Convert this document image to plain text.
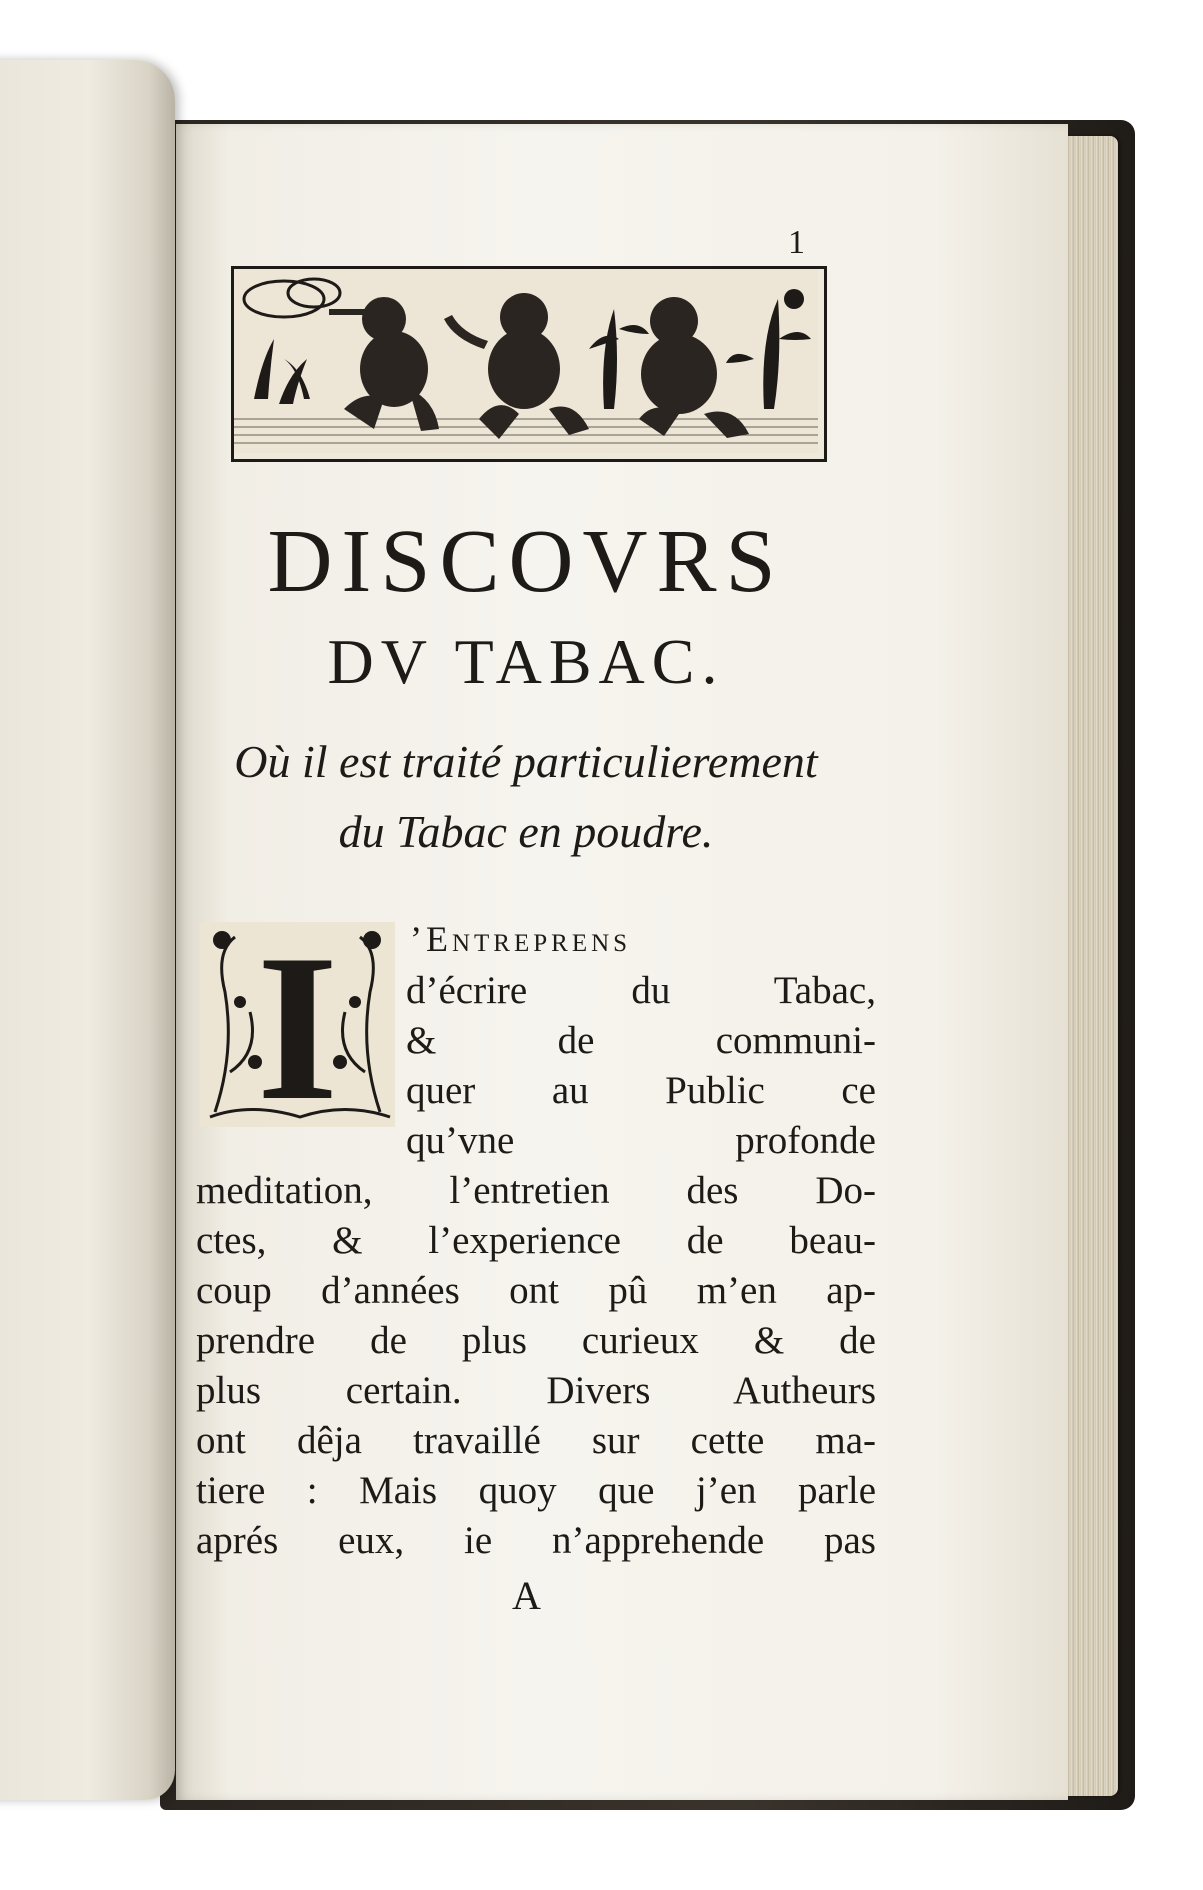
1
DISCOVRS
DV TABAC.
Où il est traité particulierement
du Tabac en poudre.
I	’Entreprens
d’écrire du Tabac,
& de communi-
quer au Public ce
qu’vne profonde
meditation, l’entretien des Do-
ctes, & l’experience de beau-
coup d’années ont pû m’en ap-
prendre de plus curieux & de
plus certain. Divers Autheurs
ont dêja travaillé sur cette ma-
tiere : Mais quoy que j’en parle
aprés eux, ie n’apprehende pas
A
